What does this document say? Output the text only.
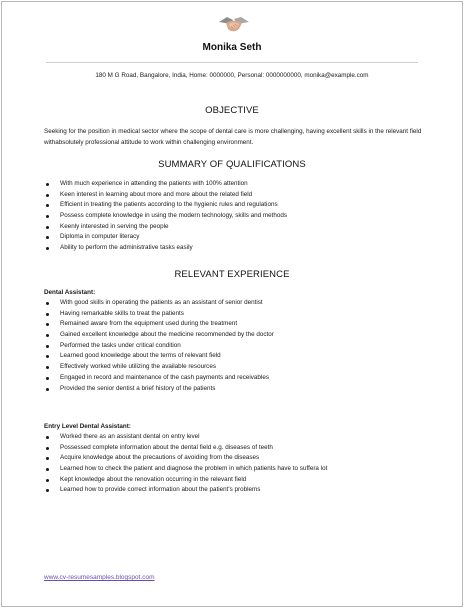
Monika Seth
180 M G Road, Bangalore, India, Home: 0000000, Personal: 0000000000, monika@example.com
OBJECTIVE
Seeking for the position in medical sector where the scope of dental care is more challenging, having excellent skills in the relevant field withabsolutely professional attitude to work within challenging environment.
SUMMARY OF QUALIFICATIONS
With much experience in attending the patients with 100% attention
Keen interest in learning about more and more about the related field
Efficient in treating the patients according to the hygienic rules and regulations
Possess complete knowledge in using the modern technology, skills and methods
Keenly interested in serving the people
Diploma in computer literacy
Ability to perform the administrative tasks easily
RELEVANT EXPERIENCE
Dental Assistant:
With good skills in operating the patients as an assistant of senior dentist
Having remarkable skills to treat the patients
Remained aware from the equipment used during the treatment
Gained excellent knowledge about the medicine recommended by the doctor
Performed the tasks under critical condition
Learned good knowledge about the terms of relevant field
Effectively worked while utilizing the available resources
Engaged in record and maintenance of the cash payments and receivables
Provided the senior dentist a brief history of the patients
Entry Level Dental Assistant:
Worked there as an assistant dental on entry level
Possessed complete information about the dental field e.g. diseases of teeth
Acquire knowledge about the precautions of avoiding from the diseases
Learned how to check the patient and diagnose the problem in which patients have to suffera lot
Kept knowledge about the renovation occurring in the relevant field
Learned how to provide correct information about the patient's problems
www.cv-resumesamples.blogspot.com
